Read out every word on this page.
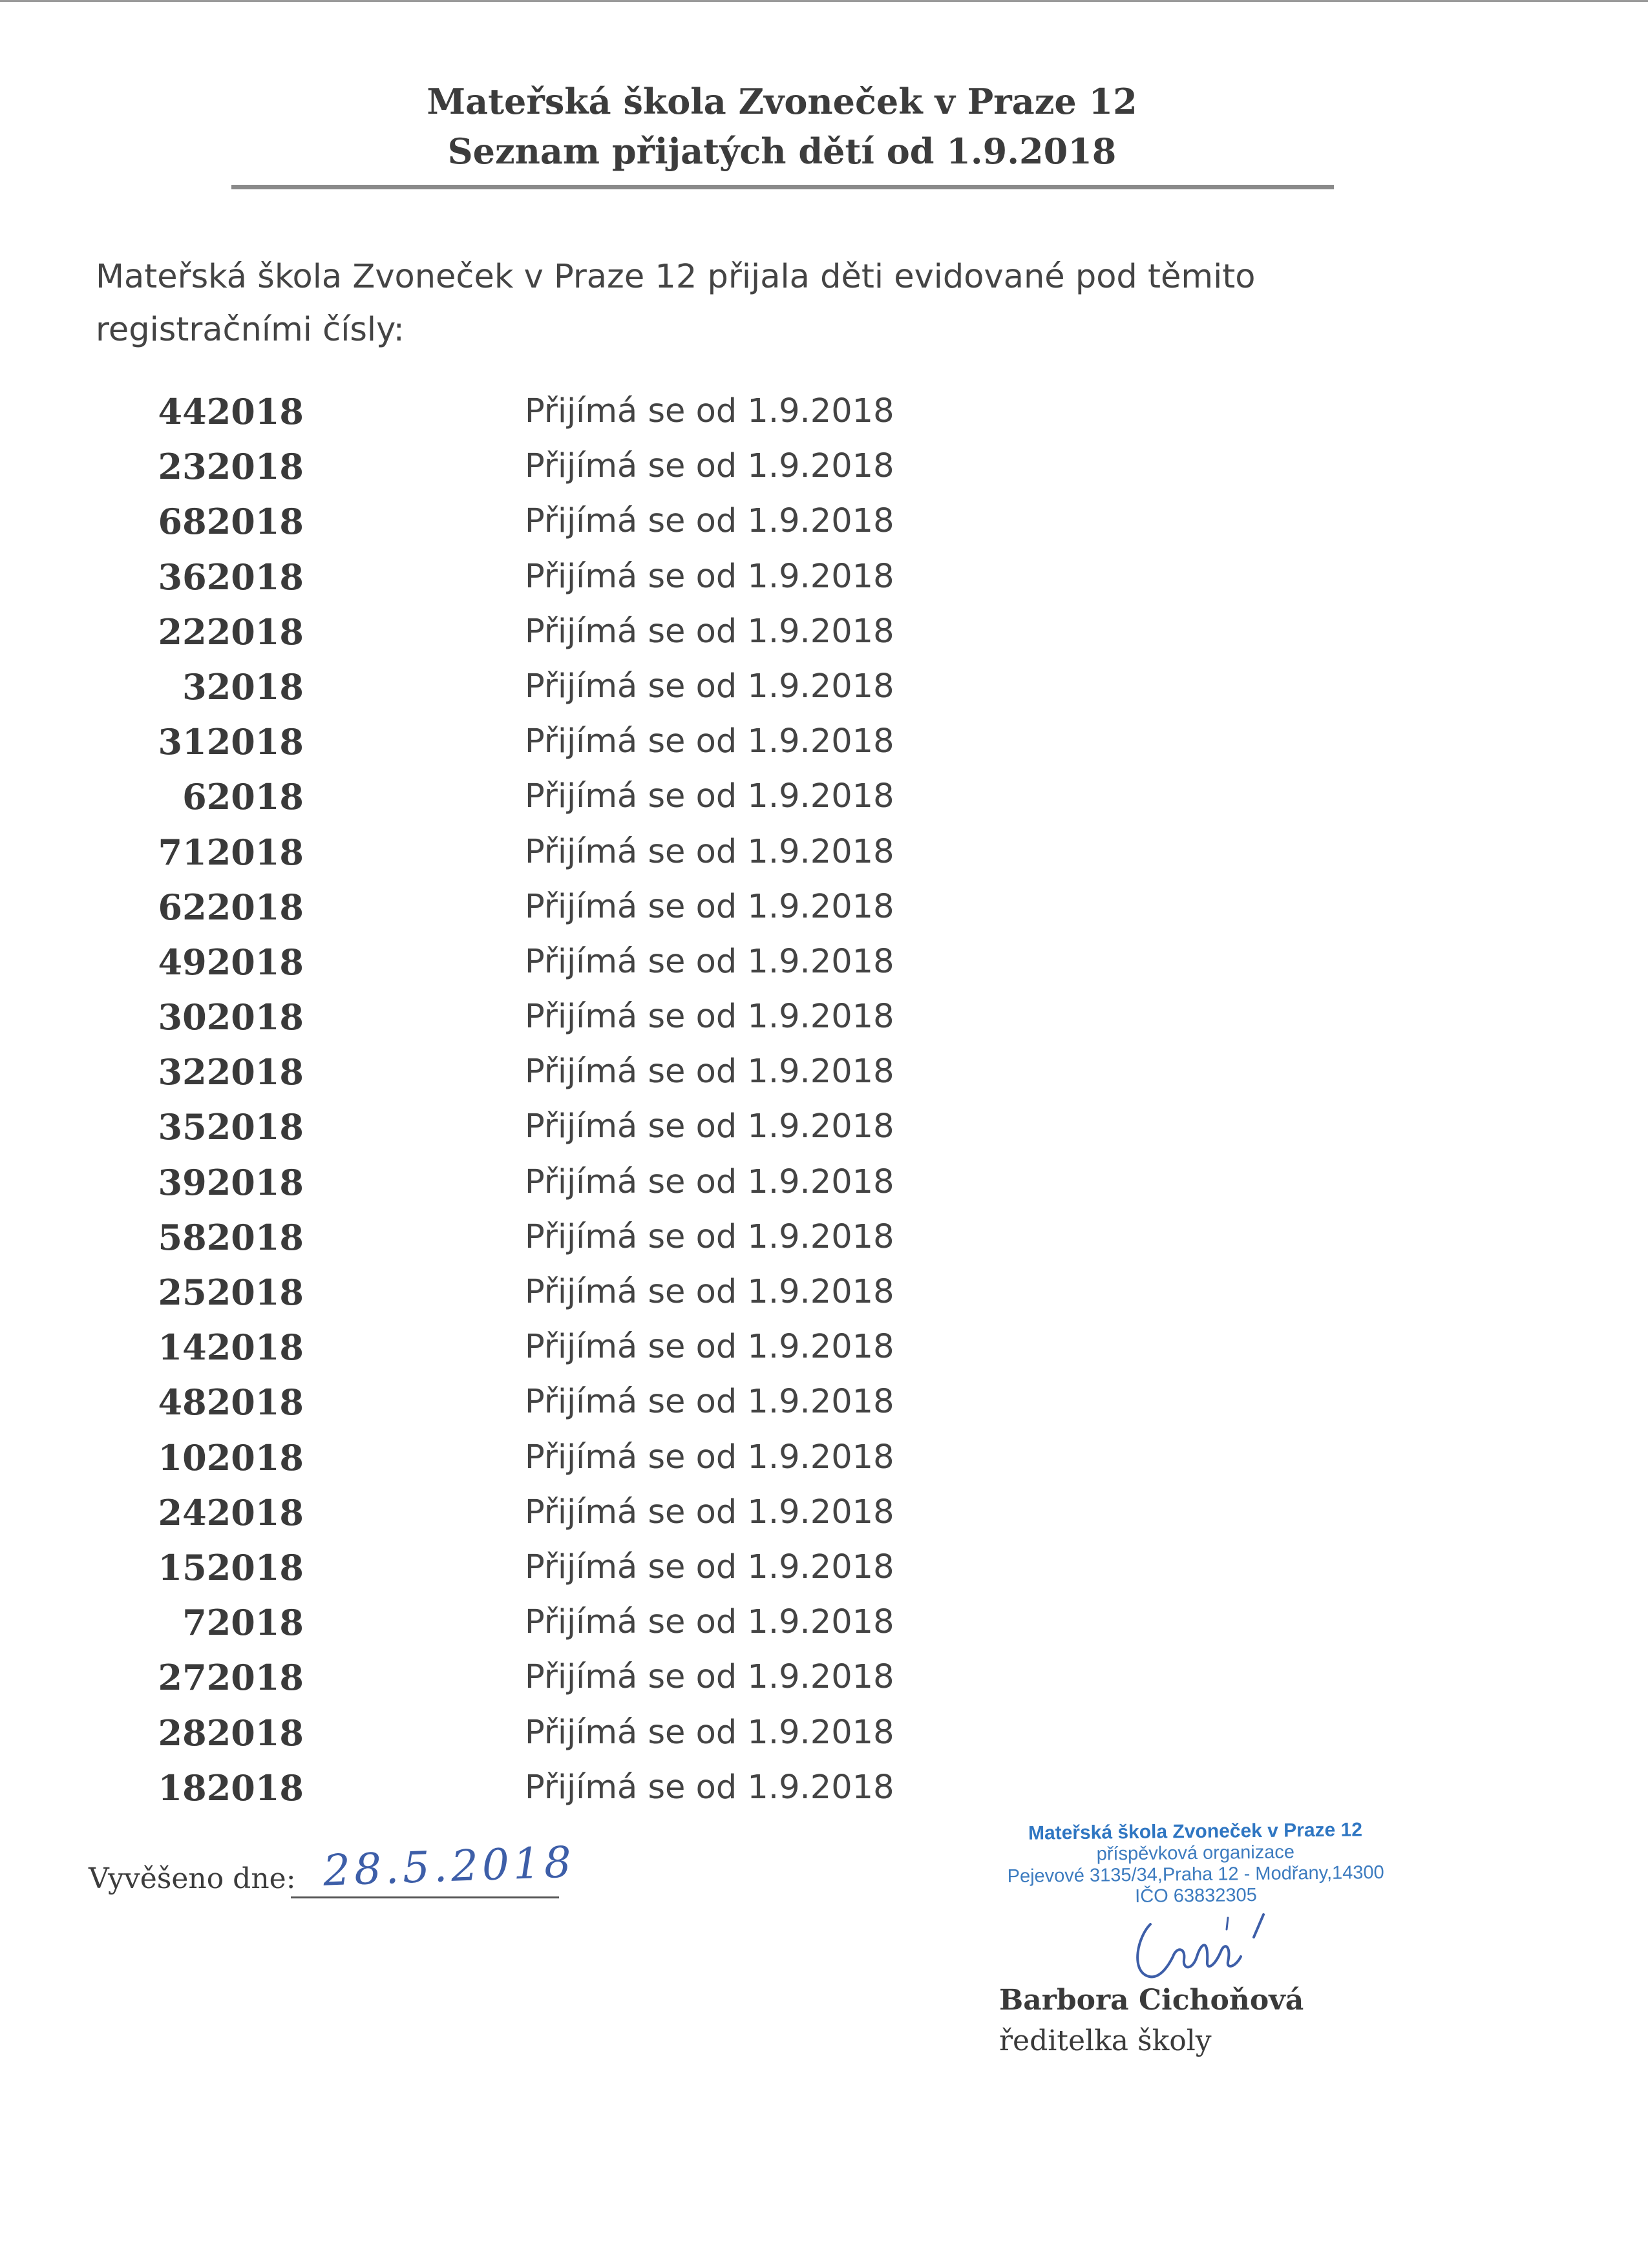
Mateřská škola Zvoneček v Praze 12
Seznam přijatých dětí od 1.9.2018
Mateřská škola Zvoneček v Praze 12 přijala děti evidované pod těmito
registračními čísly:
442018	Přijímá se od 1.9.2018
232018	Přijímá se od 1.9.2018
682018	Přijímá se od 1.9.2018
362018	Přijímá se od 1.9.2018
222018	Přijímá se od 1.9.2018
32018	Přijímá se od 1.9.2018
312018	Přijímá se od 1.9.2018
62018	Přijímá se od 1.9.2018
712018	Přijímá se od 1.9.2018
622018	Přijímá se od 1.9.2018
492018	Přijímá se od 1.9.2018
302018	Přijímá se od 1.9.2018
322018	Přijímá se od 1.9.2018
352018	Přijímá se od 1.9.2018
392018	Přijímá se od 1.9.2018
582018	Přijímá se od 1.9.2018
252018	Přijímá se od 1.9.2018
142018	Přijímá se od 1.9.2018
482018	Přijímá se od 1.9.2018
102018	Přijímá se od 1.9.2018
242018	Přijímá se od 1.9.2018
152018	Přijímá se od 1.9.2018
72018	Přijímá se od 1.9.2018
272018	Přijímá se od 1.9.2018
282018	Přijímá se od 1.9.2018
182018	Přijímá se od 1.9.2018
Vyvěšeno dne: 28.5.2018
Mateřská škola Zvoneček v Praze 12
příspěvková organizace
Pejevové 3135/34,Praha 12 - Modřany,14300
IČO 63832305
Barbora Cichoňová
ředitelka školy
